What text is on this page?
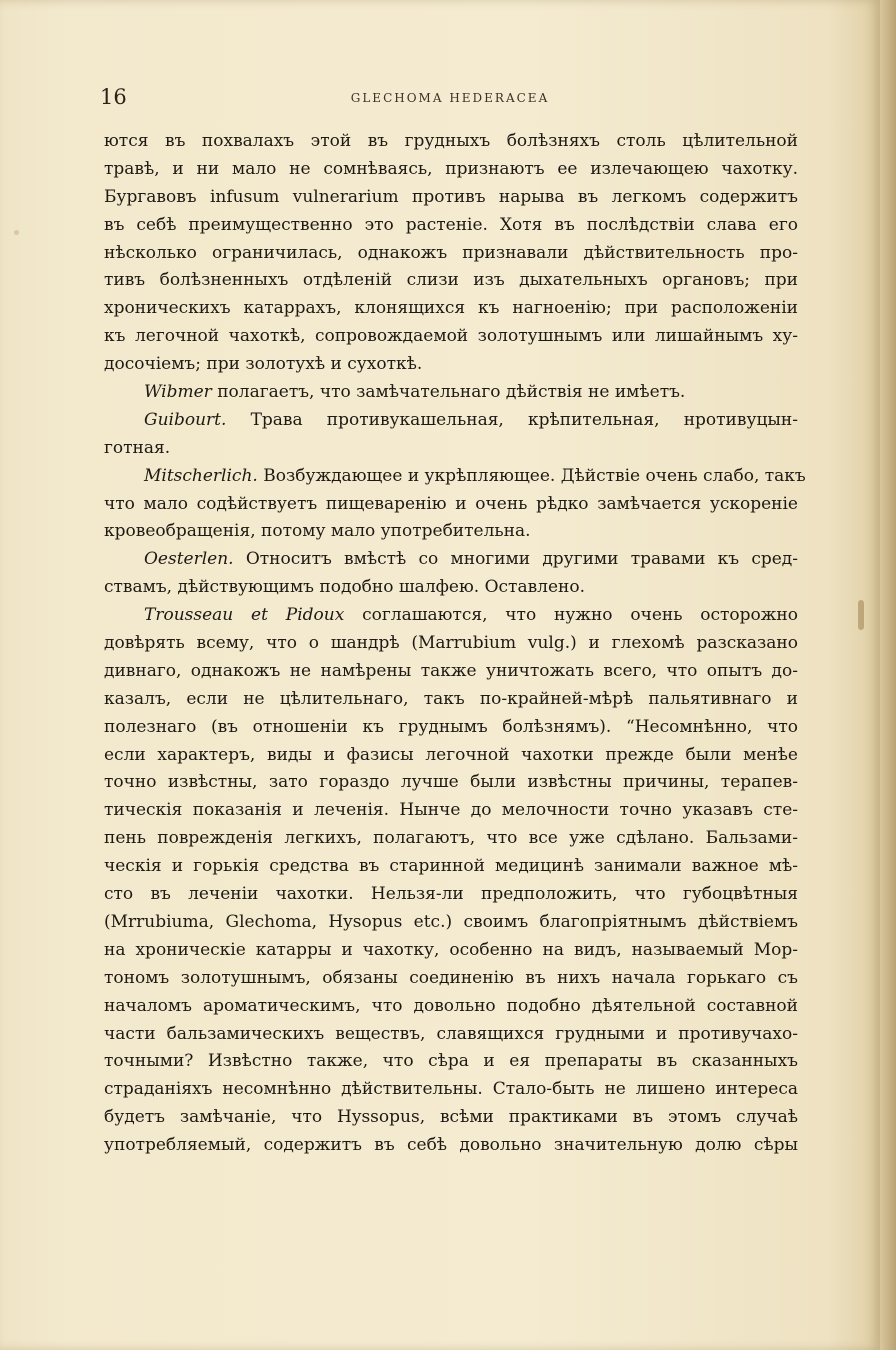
16	GLECHOMA HEDERACEA
ются въ похвалахъ этой въ грудныхъ болѣзняхъ столь цѣлительной
травѣ, и ни мало не сомнѣваясь, признаютъ ее излечающею чахотку.
Бургавовъ infusum vulnerarium противъ нарыва въ легкомъ содержитъ
въ себѣ преимущественно это растеніе. Хотя въ послѣдствіи слава его
нѣсколько ограничилась, однакожъ признавали дѣйствительность про-
тивъ болѣзненныхъ отдѣленій слизи изъ дыхательныхъ органовъ; при
хроническихъ катаррахъ, клонящихся къ нагноенію; при расположеніи
къ легочной чахоткѣ, сопровождаемой золотушнымъ или лишайнымъ ху-
досочіемъ; при золотухѣ и сухоткѣ.
Wibmer полагаетъ, что замѣчательнаго дѣйствія не имѣетъ.
Guibourt. Трава противукашельная, крѣпительная, нротивуцын-
готная.
Mitscherlich. Возбуждающее и укрѣпляющее. Дѣйствіе очень слабо, такъ
что мало содѣйствуетъ пищеваренію и очень рѣдко замѣчается ускореніе
кровеобращенія, потому мало употребительна.
Oesterlen. Относитъ вмѣстѣ со многими другими травами къ сред-
ствамъ, дѣйствующимъ подобно шалфею. Оставлено.
Trousseau et Pidoux соглашаются, что нужно очень осторожно
довѣрять всему, что о шандрѣ (Marrubium vulg.) и глехомѣ разсказано
дивнаго, однакожъ не намѣрены также уничтожать всего, что опытъ до-
казалъ, если не цѣлительнаго, такъ по-крайней-мѣрѣ пальятивнаго и
полезнаго (въ отношеніи къ груднымъ болѣзнямъ). “Несомнѣнно, что
если характеръ, виды и фазисы легочной чахотки прежде были менѣе
точно извѣстны, зато гораздо лучше были извѣстны причины, терапев-
тическія показанія и леченія. Нынче до мелочности точно указавъ сте-
пень поврежденія легкихъ, полагаютъ, что все уже сдѣлано. Бальзами-
ческія и горькія средства въ старинной медицинѣ занимали важное мѣ-
сто въ леченіи чахотки. Нельзя-ли предположить, что губоцвѣтныя
(Mrrubiuma, Glechoma, Hysopus etc.) своимъ благопріятнымъ дѣйствіемъ
на хроническіе катарры и чахотку, особенно на видъ, называемый Мор-
тономъ золотушнымъ, обязаны соединенію въ нихъ начала горькаго съ
началомъ ароматическимъ, что довольно подобно дѣятельной составной
части бальзамическихъ веществъ, славящихся грудными и противучахо-
точными? Извѣстно также, что сѣра и ея препараты въ сказанныхъ
страданіяхъ несомнѣнно дѣйствительны. Стало-быть не лишено интереса
будетъ замѣчаніе, что Hyssopus, всѣми практиками въ этомъ случаѣ
употребляемый, содержитъ въ себѣ довольно значительную долю сѣры
